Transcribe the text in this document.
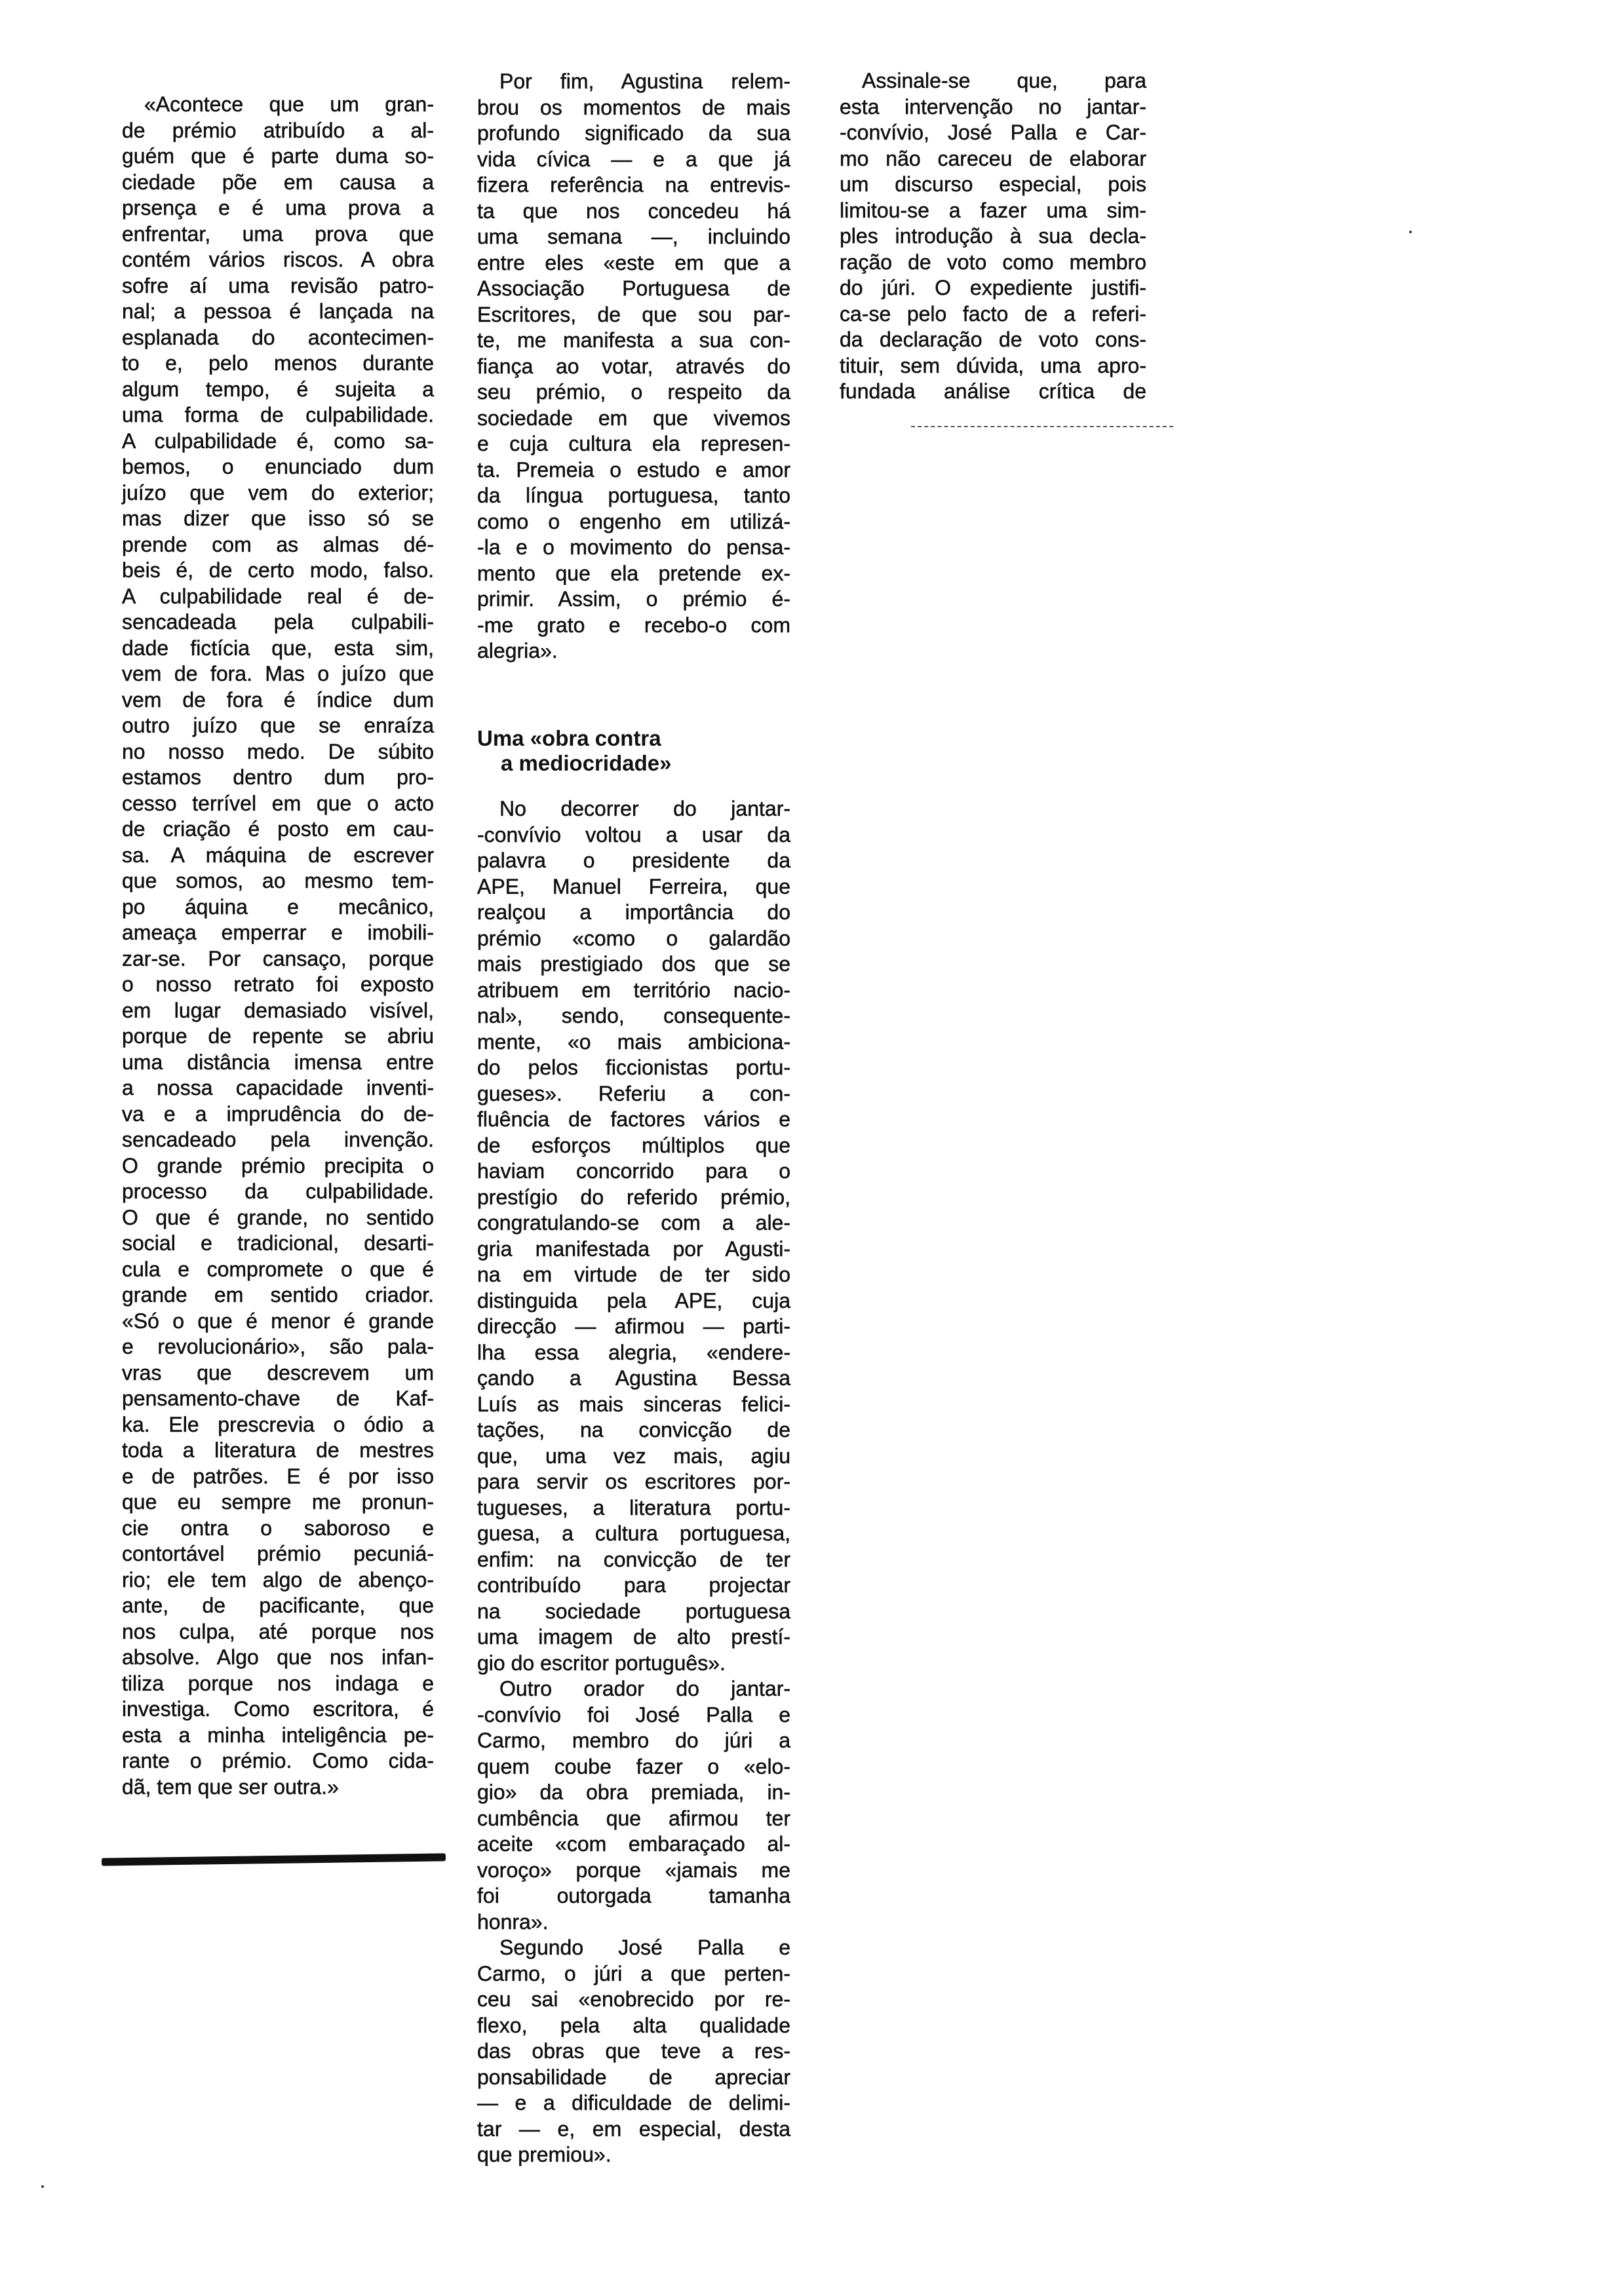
«Acontece que um gran-
de prémio atribuído a al-
guém que é parte duma so-
ciedade põe em causa a
prsença e é uma prova a
enfrentar, uma prova que
contém vários riscos. A obra
sofre aí uma revisão patro-
nal; a pessoa é lançada na
esplanada do acontecimen-
to e, pelo menos durante
algum tempo, é sujeita a
uma forma de culpabilidade.
A culpabilidade é, como sa-
bemos, o enunciado dum
juízo que vem do exterior;
mas dizer que isso só se
prende com as almas dé-
beis é, de certo modo, falso.
A culpabilidade real é de-
sencadeada pela culpabili-
dade fictícia que, esta sim,
vem de fora. Mas o juízo que
vem de fora é índice dum
outro juízo que se enraíza
no nosso medo. De súbito
estamos dentro dum pro-
cesso terrível em que o acto
de criação é posto em cau-
sa. A máquina de escrever
que somos, ao mesmo tem-
po áquina e mecânico,
ameaça emperrar e imobili-
zar-se. Por cansaço, porque
o nosso retrato foi exposto
em lugar demasiado visível,
porque de repente se abriu
uma distância imensa entre
a nossa capacidade inventi-
va e a imprudência do de-
sencadeado pela invenção.
O grande prémio precipita o
processo da culpabilidade.
O que é grande, no sentido
social e tradicional, desarti-
cula e compromete o que é
grande em sentido criador.
«Só o que é menor é grande
e revolucionário», são pala-
vras que descrevem um
pensamento-chave de Kaf-
ka. Ele prescrevia o ódio a
toda a literatura de mestres
e de patrões. E é por isso
que eu sempre me pronun-
cie ontra o saboroso e
contortável prémio pecuniá-
rio; ele tem algo de abenço-
ante, de pacificante, que
nos culpa, até porque nos
absolve. Algo que nos infan-
tiliza porque nos indaga e
investiga. Como escritora, é
esta a minha inteligência pe-
rante o prémio. Como cida-
dã, tem que ser outra.»
Por fim, Agustina relem-
brou os momentos de mais
profundo significado da sua
vida cívica — e a que já
fizera referência na entrevis-
ta que nos concedeu há
uma semana —, incluindo
entre eles «este em que a
Associação Portuguesa de
Escritores, de que sou par-
te, me manifesta a sua con-
fiança ao votar, através do
seu prémio, o respeito da
sociedade em que vivemos
e cuja cultura ela represen-
ta. Premeia o estudo e amor
da língua portuguesa, tanto
como o engenho em utilizá-
-la e o movimento do pensa-
mento que ela pretende ex-
primir. Assim, o prémio é-
-me grato e recebo-o com
alegria».
Uma «obra contra
a mediocridade»
No decorrer do jantar-
-convívio voltou a usar da
palavra o presidente da
APE, Manuel Ferreira, que
realçou a importância do
prémio «como o galardão
mais prestigiado dos que se
atribuem em território nacio-
nal», sendo, consequente-
mente, «o mais ambiciona-
do pelos ficcionistas portu-
gueses». Referiu a con-
fluência de factores vários e
de esforços múltiplos que
haviam concorrido para o
prestígio do referido prémio,
congratulando-se com a ale-
gria manifestada por Agusti-
na em virtude de ter sido
distinguida pela APE, cuja
direcção — afirmou — parti-
lha essa alegria, «endere-
çando a Agustina Bessa
Luís as mais sinceras felici-
tações, na convicção de
que, uma vez mais, agiu
para servir os escritores por-
tugueses, a literatura portu-
guesa, a cultura portuguesa,
enfim: na convicção de ter
contribuído para projectar
na sociedade portuguesa
uma imagem de alto prestí-
gio do escritor português».
Outro orador do jantar-
-convívio foi José Palla e
Carmo, membro do júri a
quem coube fazer o «elo-
gio» da obra premiada, in-
cumbência que afirmou ter
aceite «com embaraçado al-
voroço» porque «jamais me
foi outorgada tamanha
honra».
Segundo José Palla e
Carmo, o júri a que perten-
ceu sai «enobrecido por re-
flexo, pela alta qualidade
das obras que teve a res-
ponsabilidade de apreciar
— e a dificuldade de delimi-
tar — e, em especial, desta
que premiou».
Assinale-se que, para
esta intervenção no jantar-
-convívio, José Palla e Car-
mo não careceu de elaborar
um discurso especial, pois
limitou-se a fazer uma sim-
ples introdução à sua decla-
ração de voto como membro
do júri. O expediente justifi-
ca-se pelo facto de a referi-
da declaração de voto cons-
tituir, sem dúvida, uma apro-
fundada análise crítica de
